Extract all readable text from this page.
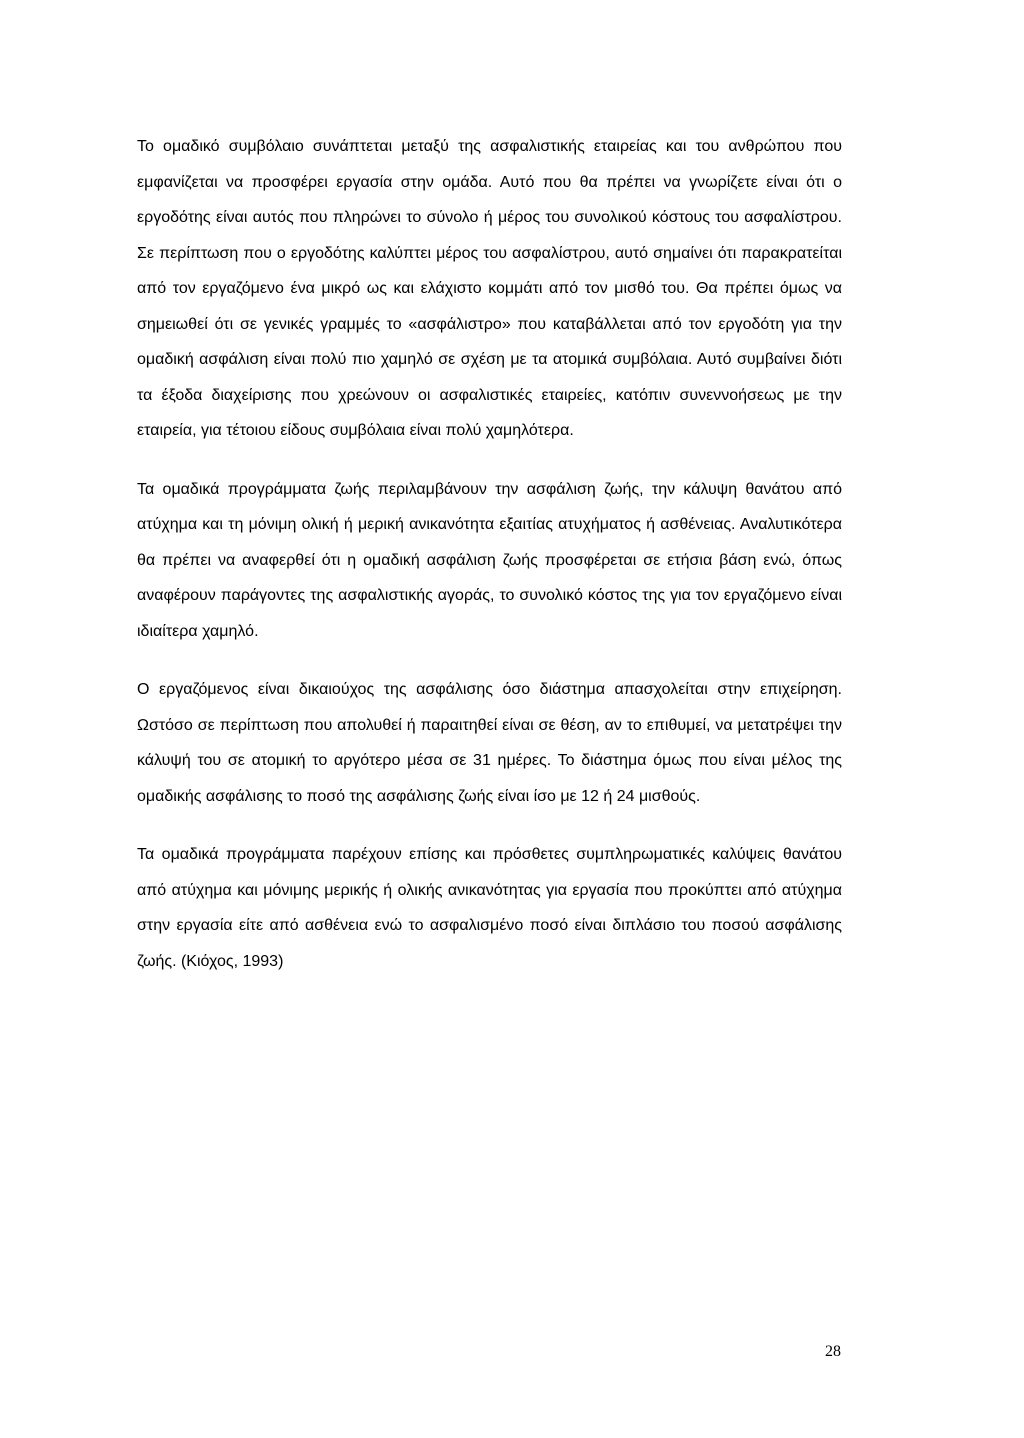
Το ομαδικό συμβόλαιο συνάπτεται μεταξύ της ασφαλιστικής εταιρείας και του ανθρώπου που εμφανίζεται να προσφέρει εργασία στην ομάδα. Αυτό που θα πρέπει να γνωρίζετε είναι ότι ο εργοδότης είναι αυτός που πληρώνει το σύνολο ή μέρος του συνολικού κόστους του ασφαλίστρου. Σε περίπτωση που ο εργοδότης καλύπτει μέρος του ασφαλίστρου, αυτό σημαίνει ότι παρακρατείται από τον εργαζόμενο ένα μικρό ως και ελάχιστο κομμάτι από τον μισθό του. Θα πρέπει όμως να σημειωθεί ότι σε γενικές γραμμές το «ασφάλιστρο» που καταβάλλεται από τον εργοδότη για την ομαδική ασφάλιση είναι πολύ πιο χαμηλό σε σχέση με τα ατομικά συμβόλαια. Αυτό συμβαίνει διότι τα έξοδα διαχείρισης που χρεώνουν οι ασφαλιστικές εταιρείες, κατόπιν συνεννοήσεως με την εταιρεία, για τέτοιου είδους συμβόλαια είναι πολύ χαμηλότερα.

Τα ομαδικά προγράμματα ζωής περιλαμβάνουν την ασφάλιση ζωής, την κάλυψη θανάτου από ατύχημα και τη μόνιμη ολική ή μερική ανικανότητα εξαιτίας ατυχήματος ή ασθένειας. Αναλυτικότερα θα πρέπει να αναφερθεί ότι η ομαδική ασφάλιση ζωής προσφέρεται σε ετήσια βάση ενώ, όπως αναφέρουν παράγοντες της ασφαλιστικής αγοράς, το συνολικό κόστος της για τον εργαζόμενο είναι ιδιαίτερα χαμηλό.

Ο εργαζόμενος είναι δικαιούχος της ασφάλισης όσο διάστημα απασχολείται στην επιχείρηση. Ωστόσο σε περίπτωση που απολυθεί ή παραιτηθεί είναι σε θέση, αν το επιθυμεί, να μετατρέψει την κάλυψή του σε ατομική το αργότερο μέσα σε 31 ημέρες. Το διάστημα όμως που είναι μέλος της ομαδικής ασφάλισης το ποσό της ασφάλισης ζωής είναι ίσο με 12 ή 24 μισθούς.

Τα ομαδικά προγράμματα παρέχουν επίσης και πρόσθετες συμπληρωματικές καλύψεις θανάτου από ατύχημα και μόνιμης μερικής ή ολικής ανικανότητας για εργασία που προκύπτει από ατύχημα στην εργασία είτε από ασθένεια ενώ το ασφαλισμένο ποσό είναι διπλάσιο του ποσού ασφάλισης ζωής. (Κιόχος, 1993)

28
